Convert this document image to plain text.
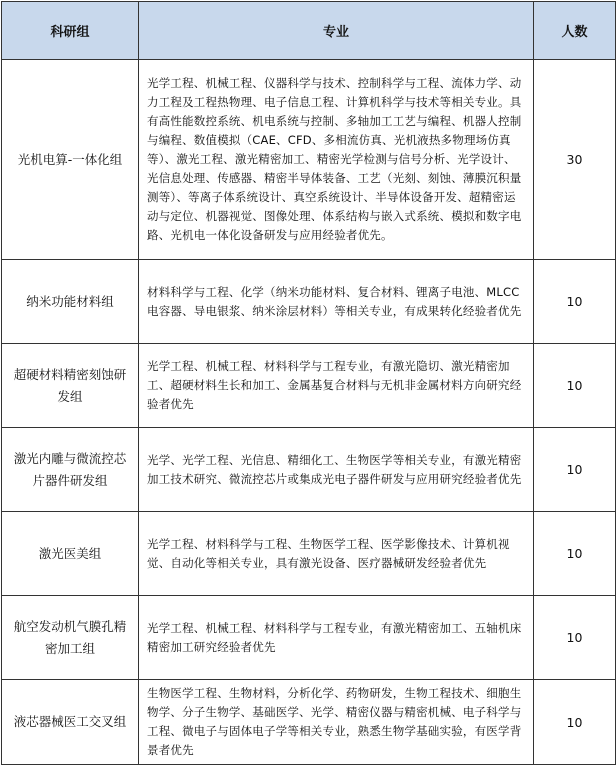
科研组	专业	人数
光机电算-一体化组	光学工程、机械工程、仪器科学与技术、控制科学与工程、流体力学、动力工程及工程热物理、电子信息工程、计算机科学与技术等相关专业。具有高性能数控系统、机电系统与控制、多轴加工工艺与编程、机器人控制与编程、数值模拟（CAE、CFD、多相流仿真、光机液热多物理场仿真等）、激光工程、激光精密加工、精密光学检测与信号分析、光学设计、光信息处理、传感器、精密半导体装备、工艺（光刻、刻蚀、薄膜沉积量测等）、等离子体系统设计、真空系统设计、半导体设备开发、超精密运动与定位、机器视觉、图像处理、体系结构与嵌入式系统、模拟和数字电路、光机电一体化设备研发与应用经验者优先。	30
纳米功能材料组	材料科学与工程、化学（纳米功能材料、复合材料、锂离子电池、MLCC电容器、导电银浆、纳米涂层材料）等相关专业，有成果转化经验者优先	10
超硬材料精密刻蚀研发组	光学工程、机械工程、材料科学与工程专业，有激光隐切、激光精密加工、超硬材料生长和加工、金属基复合材料与无机非金属材料方向研究经验者优先	10
激光内雕与微流控芯片器件研发组	光学、光学工程、光信息、精细化工、生物医学等相关专业，有激光精密加工技术研究、微流控芯片或集成光电子器件研发与应用研究经验者优先	10
激光医美组	光学工程、材料科学与工程、生物医学工程、医学影像技术、计算机视觉、自动化等相关专业，具有激光设备、医疗器械研发经验者优先	10
航空发动机气膜孔精密加工组	光学工程、机械工程、材料科学与工程专业，有激光精密加工、五轴机床精密加工研究经验者优先	10
液芯器械医工交叉组	生物医学工程、生物材料，分析化学、药物研发，生物工程技术、细胞生物学、分子生物学、基础医学、光学、精密仪器与精密机械、电子科学与工程、微电子与固体电子学等相关专业，熟悉生物学基础实验，有医学背景者优先	10
